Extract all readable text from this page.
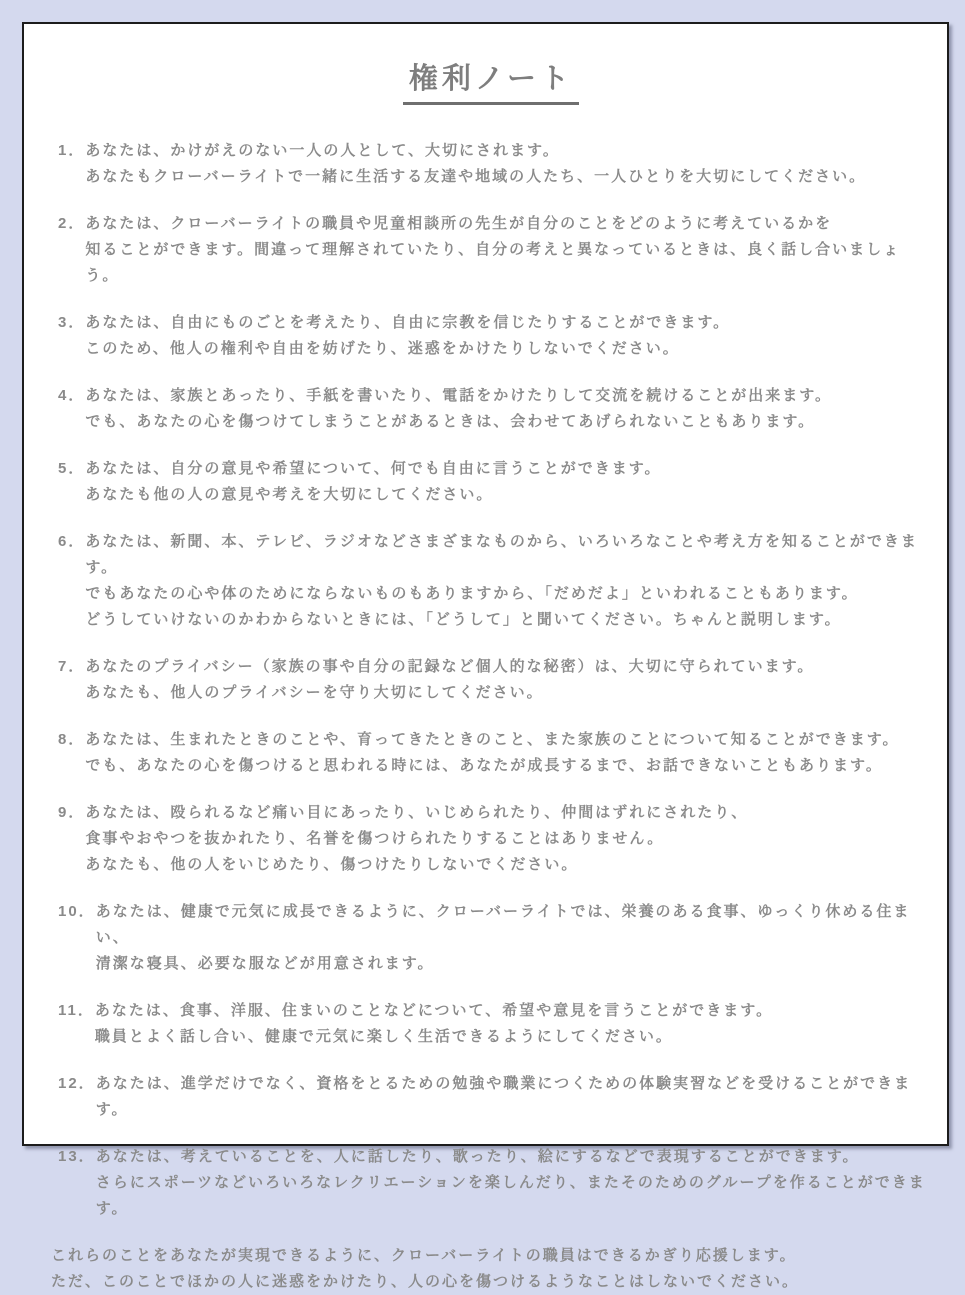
権利ノート
1． あなたは、かけがえのない一人の人として、大切にされます。
あなたもクローバーライトで一緒に生活する友達や地域の人たち、一人ひとりを大切にしてください。
2． あなたは、クローバーライトの職員や児童相談所の先生が自分のことをどのように考えているかを
知ることができます。間違って理解されていたり、自分の考えと異なっているときは、良く話し合いましょう。
3． あなたは、自由にものごとを考えたり、自由に宗教を信じたりすることができます。
このため、他人の権利や自由を妨げたり、迷惑をかけたりしないでください。
4． あなたは、家族とあったり、手紙を書いたり、電話をかけたりして交流を続けることが出来ます。
でも、あなたの心を傷つけてしまうことがあるときは、会わせてあげられないこともあります。
5． あなたは、自分の意見や希望について、何でも自由に言うことができます。
あなたも他の人の意見や考えを大切にしてください。
6． あなたは、新聞、本、テレビ、ラジオなどさまざまなものから、いろいろなことや考え方を知ることができます。
でもあなたの心や体のためにならないものもありますから、「だめだよ」といわれることもあります。
どうしていけないのかわからないときには、「どうして」と聞いてください。ちゃんと説明します。
7． あなたのプライバシー（家族の事や自分の記録など個人的な秘密）は、大切に守られています。
あなたも、他人のプライバシーを守り大切にしてください。
8． あなたは、生まれたときのことや、育ってきたときのこと、また家族のことについて知ることができます。
でも、あなたの心を傷つけると思われる時には、あなたが成長するまで、お話できないこともあります。
9． あなたは、殴られるなど痛い目にあったり、いじめられたり、仲間はずれにされたり、
食事やおやつを抜かれたり、名誉を傷つけられたりすることはありません。
あなたも、他の人をいじめたり、傷つけたりしないでください。
10． あなたは、健康で元気に成長できるように、クローバーライトでは、栄養のある食事、ゆっくり休める住まい、
清潔な寝具、必要な服などが用意されます。
11． あなたは、食事、洋服、住まいのことなどについて、希望や意見を言うことができます。
職員とよく話し合い、健康で元気に楽しく生活できるようにしてください。
12． あなたは、進学だけでなく、資格をとるための勉強や職業につくための体験実習などを受けることができます。
13． あなたは、考えていることを、人に話したり、歌ったり、絵にするなどで表現することができます。
さらにスポーツなどいろいろなレクリエーションを楽しんだり、またそのためのグループを作ることができます。
これらのことをあなたが実現できるように、クローバーライトの職員はできるかぎり応援します。
ただ、このことでほかの人に迷惑をかけたり、人の心を傷つけるようなことはしないでください。
